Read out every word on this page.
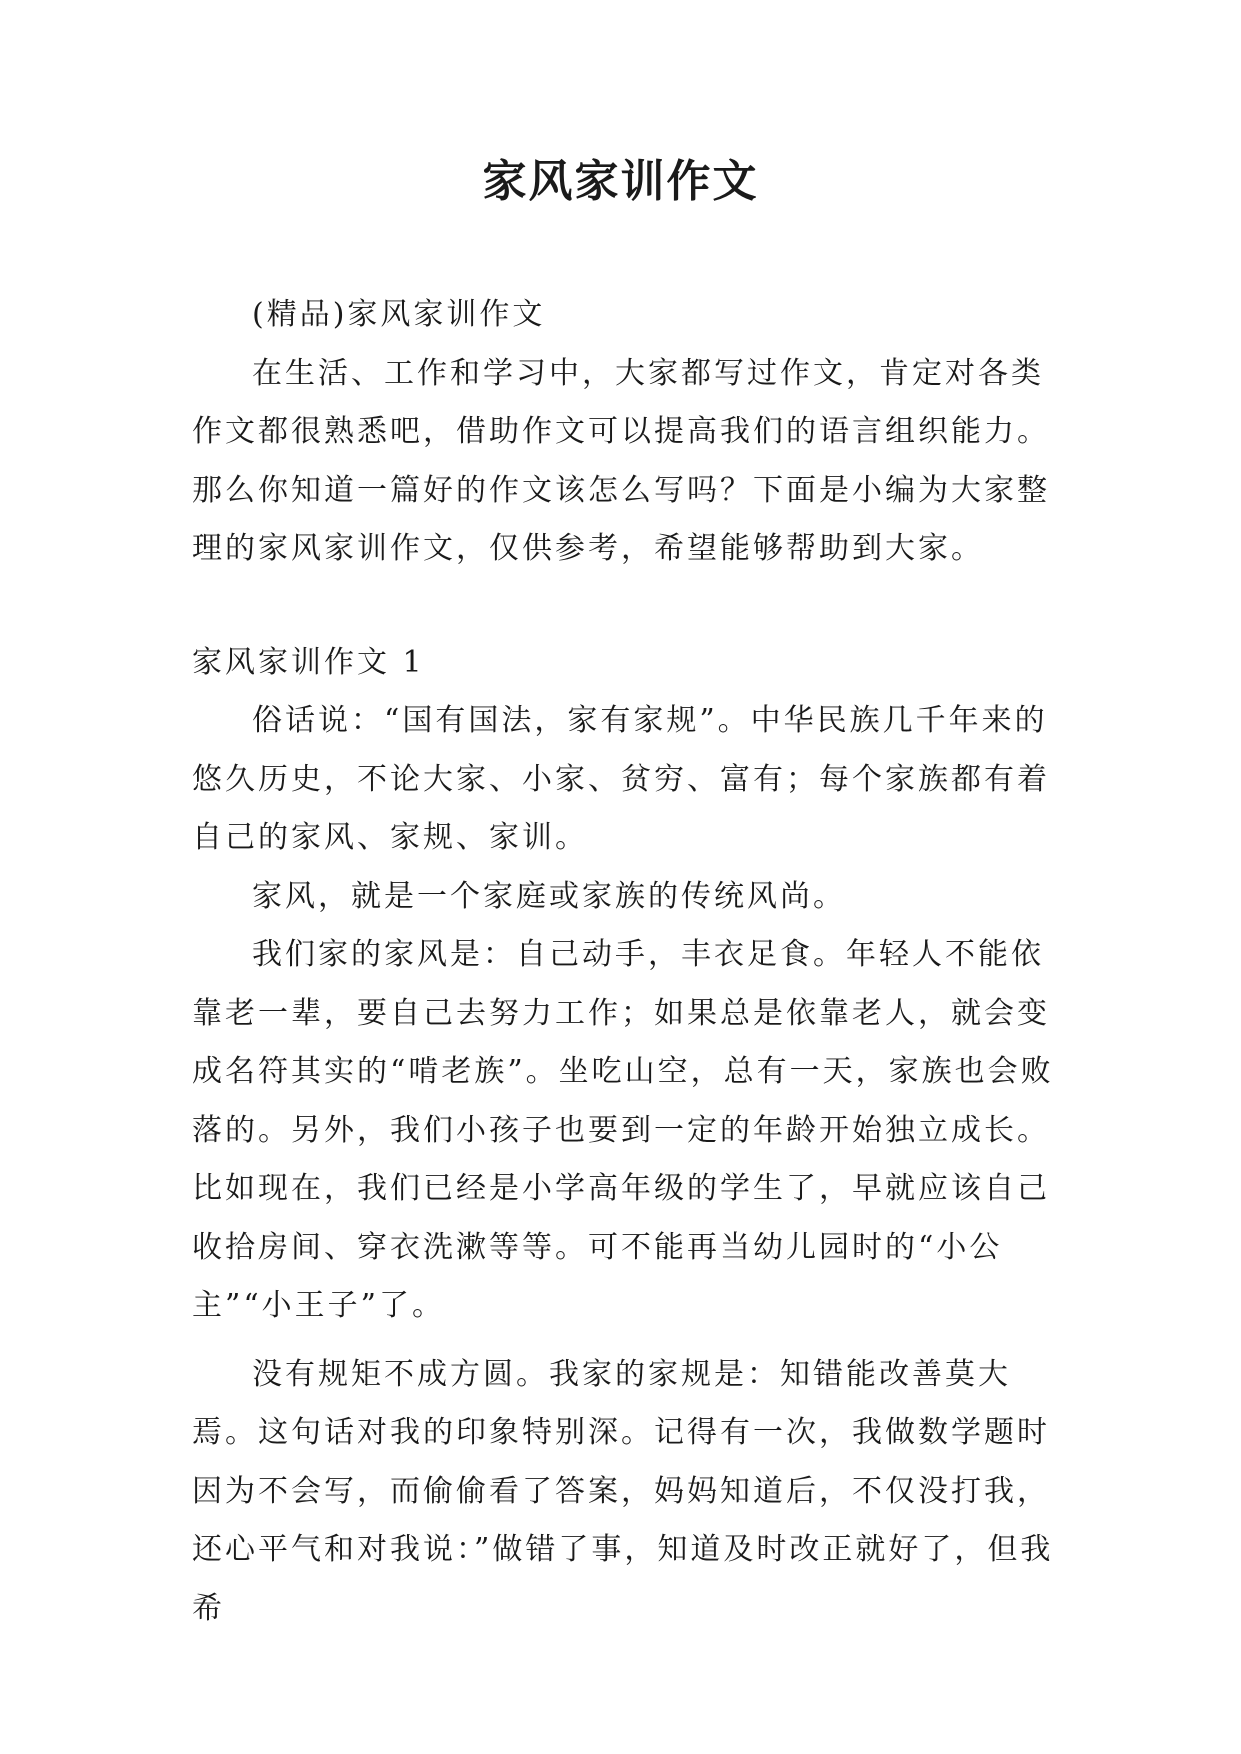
家风家训作文

(精品)家风家训作文

在生活、工作和学习中，大家都写过作文，肯定对各类作文都很熟悉吧，借助作文可以提高我们的语言组织能力。那么你知道一篇好的作文该怎么写吗？下面是小编为大家整理的家风家训作文，仅供参考，希望能够帮助到大家。

家风家训作文 1

俗话说：“国有国法，家有家规”。中华民族几千年来的悠久历史，不论大家、小家、贫穷、富有；每个家族都有着自己的家风、家规、家训。

家风，就是一个家庭或家族的传统风尚。

我们家的家风是：自己动手，丰衣足食。年轻人不能依靠老一辈，要自己去努力工作；如果总是依靠老人，就会变成名符其实的“啃老族”。坐吃山空，总有一天，家族也会败落的。另外，我们小孩子也要到一定的年龄开始独立成长。比如现在，我们已经是小学高年级的学生了，早就应该自己收拾房间、穿衣洗漱等等。可不能再当幼儿园时的“小公主”“小王子”了。

没有规矩不成方圆。我家的家规是：知错能改善莫大焉。这句话对我的印象特别深。记得有一次，我做数学题时因为不会写，而偷偷看了答案，妈妈知道后，不仅没打我，还心平气和对我说：”做错了事，知道及时改正就好了，但我希
